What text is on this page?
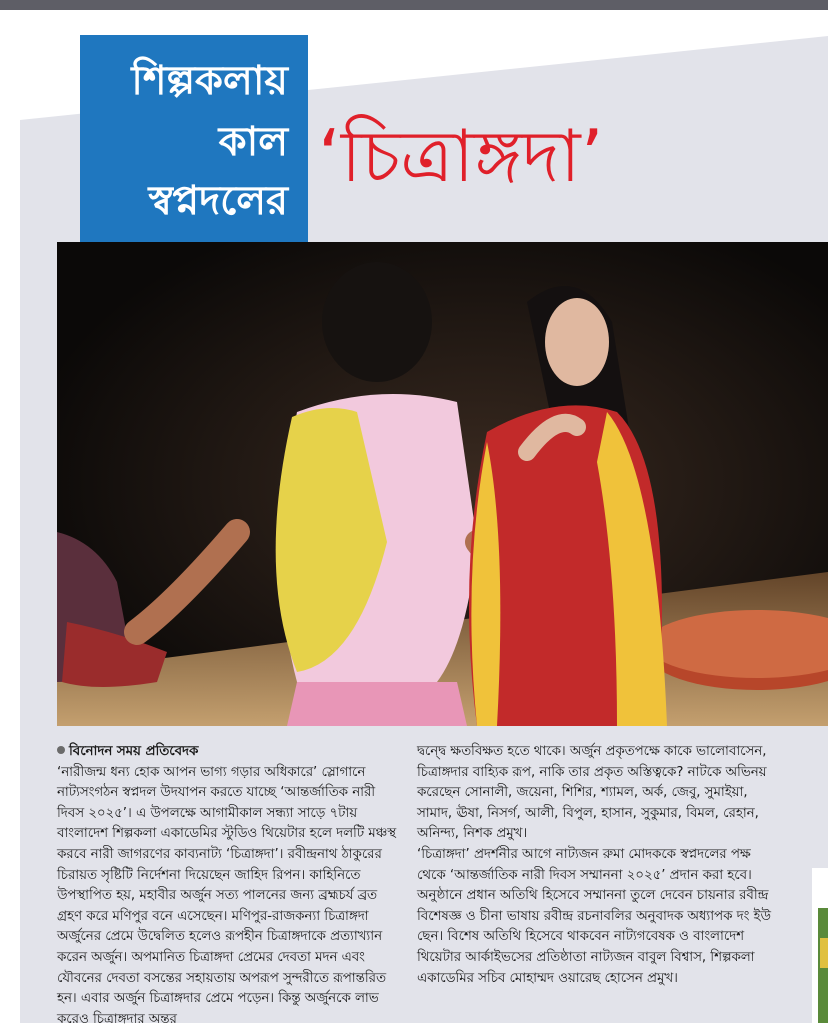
শিল্পকলায়
কাল
স্বপ্নদলের
‘চিত্রাঙ্গদা’
বিনোদন সময় প্রতিবেদক

‘নারীজন্ম ধন্য হোক আপন ভাগ্য গড়ার অধিকারে’ স্লোগানে নাট্যসংগঠন স্বপ্নদল উদযাপন করতে যাচ্ছে ‘আন্তর্জাতিক নারী দিবস ২০২৫’। এ উপলক্ষে আগামীকাল সন্ধ্যা সাড়ে ৭টায় বাংলাদেশ শিল্পকলা একাডেমির স্টুডিও থিয়েটার হলে দলটি মঞ্চস্থ করবে নারী জাগরণের কাব্যনাট্য ‘চিত্রাঙ্গদা’। রবীন্দ্রনাথ ঠাকুরের চিরায়ত সৃষ্টিটি নির্দেশনা দিয়েছেন জাহিদ রিপন। কাহিনিতে উপস্থাপিত হয়, মহাবীর অর্জুন সত্য পালনের জন্য ব্রহ্মচর্য ব্রত গ্রহণ করে মণিপুর বনে এসেছেন। মণিপুর-রাজকন্যা চিত্রাঙ্গদা অর্জুনের প্রেমে উদ্বেলিত হলেও রূপহীন চিত্রাঙ্গদাকে প্রত্যাখ্যান করেন অর্জুন। অপমানিত চিত্রাঙ্গদা প্রেমের দেবতা মদন এবং যৌবনের দেবতা বসন্তের সহায়তায় অপরূপ সুন্দরীতে রূপান্তরিত হন। এবার অর্জুন চিত্রাঙ্গদার প্রেমে পড়েন। কিন্তু অর্জুনকে লাভ করেও চিত্রাঙ্গদার অন্তর

দ্বন্দ্বে ক্ষতবিক্ষত হতে থাকে। অর্জুন প্রকৃতপক্ষে কাকে ভালোবাসেন, চিত্রাঙ্গদার বাহ্যিক রূপ, নাকি তার প্রকৃত অস্তিত্বকে? নাটকে অভিনয় করেছেন সোনালী, জয়েনা, শিশির, শ্যামল, অর্ক, জেবু, সুমাইয়া, সামাদ, ঊষা, নিসর্গ, আলী, বিপুল, হাসান, সুকুমার, বিমল, রেহান, অনিন্দ্য, নিশক প্রমুখ।

‘চিত্রাঙ্গদা’ প্রদর্শনীর আগে নাট্যজন রুমা মোদককে স্বপ্নদলের পক্ষ থেকে ‘আন্তর্জাতিক নারী দিবস সম্মাননা ২০২৫’ প্রদান করা হবে। অনুষ্ঠানে প্রধান অতিথি হিসেবে সম্মাননা তুলে দেবেন চায়নার রবীন্দ্র বিশেষজ্ঞ ও চীনা ভাষায় রবীন্দ্র রচনাবলির অনুবাদক অধ্যাপক দং ইউ ছেন। বিশেষ অতিথি হিসেবে থাকবেন নাট্যগবেষক ও বাংলাদেশ থিয়েটার আর্কাইভসের প্রতিষ্ঠাতা নাট্যজন বাবুল বিশ্বাস, শিল্পকলা একাডেমির সচিব মোহাম্মদ ওয়ারেছ হোসেন প্রমুখ।
